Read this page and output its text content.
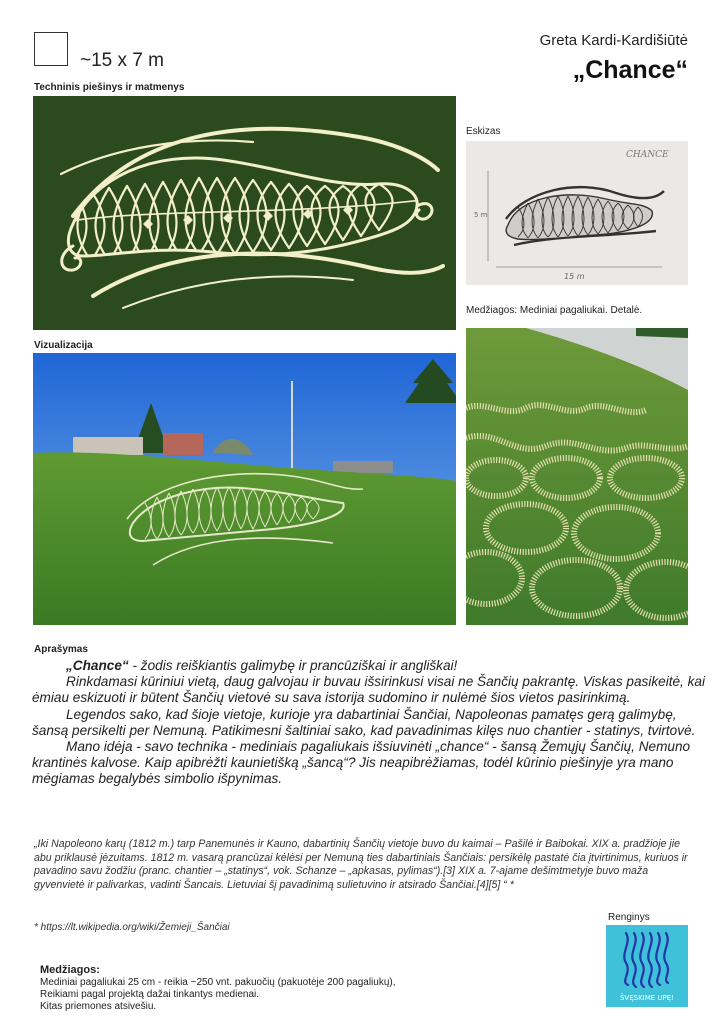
~15 x 7 m
Greta Kardi-Kardišiūtė
„Chance“
Techninis piešinys ir matmenys
Eskizas
CHANCE
5 m
15 m
Medžiagos: Mediniai pagaliukai. Detalė.
Vizualizacija
Aprašymas

„Chance“ - žodis reiškiantis galimybę ir prancūziškai ir angliškai!

Rinkdamasi kūriniui vietą, daug galvojau ir buvau išsirinkusi visai ne Šančių pakrantę. Viskas pasikeitė, kai ėmiau eskizuoti ir būtent Šančių vietovė su sava istorija sudomino ir nulėmė šios vietos pasirinkimą.

Legendos sako, kad šioje vietoje, kurioje yra dabartiniai Šančiai, Napoleonas pamatęs gerą galimybę, šansą persikelti per Nemuną. Patikimesni šaltiniai sako, kad pavadinimas kilęs nuo chantier - statinys, tvirtovė.

Mano idėja - savo technika - mediniais pagaliukais išsiuvinėti „chance“ - šansą Žemųjų Šančių, Nemuno krantinės kalvose. Kaip apibrėžti kaunietišką „šancą“? Jis neapibrėžiamas, todėl kūrinio piešinyje yra mano mėgiamas begalybės simbolio išpynimas.

„Iki Napoleono karų (1812 m.) tarp Panemunės ir Kauno, dabartinių Šančių vietoje buvo du kaimai – Pašilė ir Baibokai. XIX a. pradžioje jie abu priklausė jėzuitams. 1812 m. vasarą prancūzai kėlėsi per Nemuną ties dabartiniais Šančiais: persikėlę pastatė čia įtvirtinimus, kuriuos ir pavadino savu žodžiu (pranc. chantier – „statinys“, vok. Schanze – „apkasas, pylimas“).[3] XIX a. 7-ajame dešimtmetyje buvo maža gyvenvietė ir palivarkas, vadinti Šancais. Lietuviai šį pavadinimą sulietuvino ir atsirado Šančiai.[4][5] “ *
* https://lt.wikipedia.org/wiki/Žemieji_Šančiai
Medžiagos:
Mediniai pagaliukai 25 cm - reikia ~250 vnt. pakuočių (pakuotėje 200 pagaliukų),
Reikiami pagal projektą dažai tinkantys medienai.
Kitas priemones atsivešiu.
Renginys
ŠVĘSKIME UPĘ!
